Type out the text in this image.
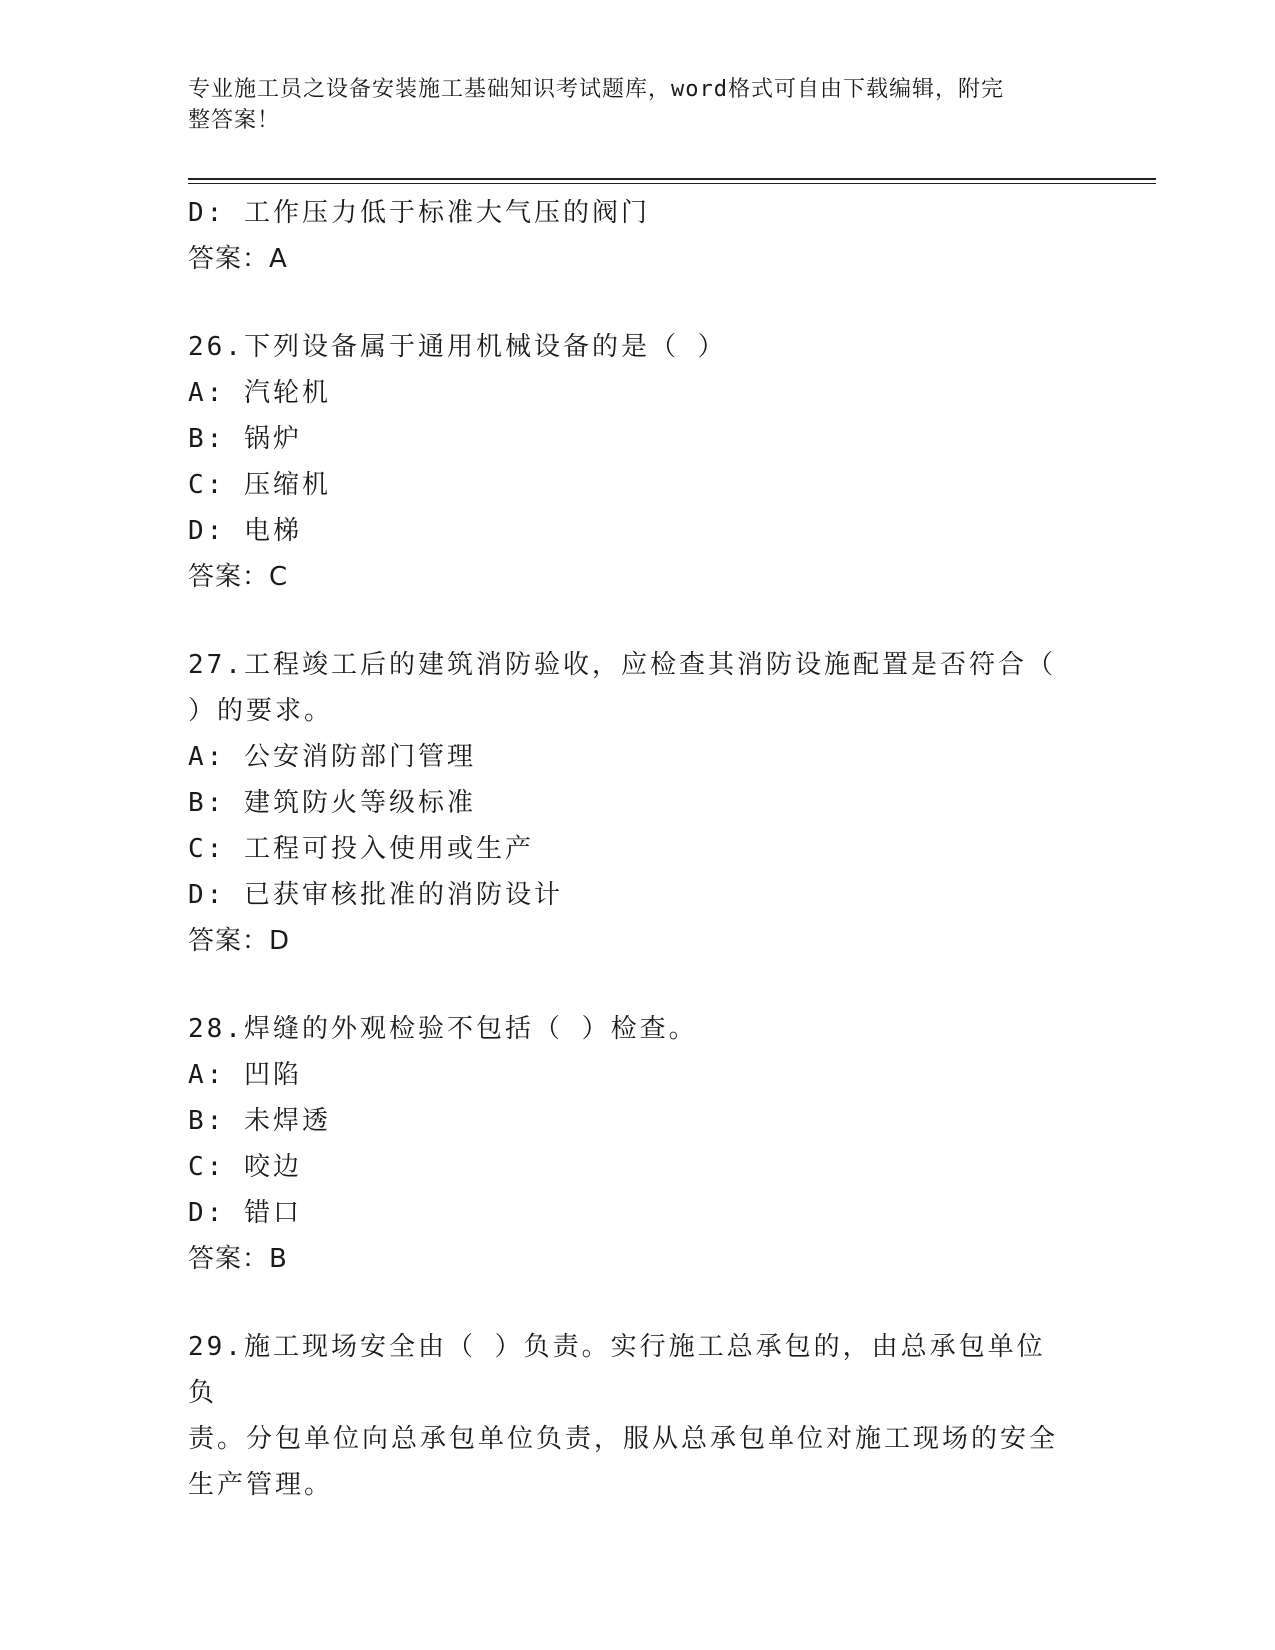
专业施工员之设备安装施工基础知识考试题库，word格式可自由下载编辑，附完
整答案！
D: 工作压力低于标准大气压的阀门
答案：A
26.下列设备属于通用机械设备的是（ ）
A: 汽轮机
B: 锅炉
C: 压缩机
D: 电梯
答案：C
27.工程竣工后的建筑消防验收，应检查其消防设施配置是否符合（
）的要求。
A: 公安消防部门管理
B: 建筑防火等级标准
C: 工程可投入使用或生产
D: 已获审核批准的消防设计
答案：D
28.焊缝的外观检验不包括（ ）检查。
A: 凹陷
B: 未焊透
C: 咬边
D: 错口
答案：B
29.施工现场安全由（ ）负责。实行施工总承包的，由总承包单位负
责。分包单位向总承包单位负责，服从总承包单位对施工现场的安全
生产管理。
